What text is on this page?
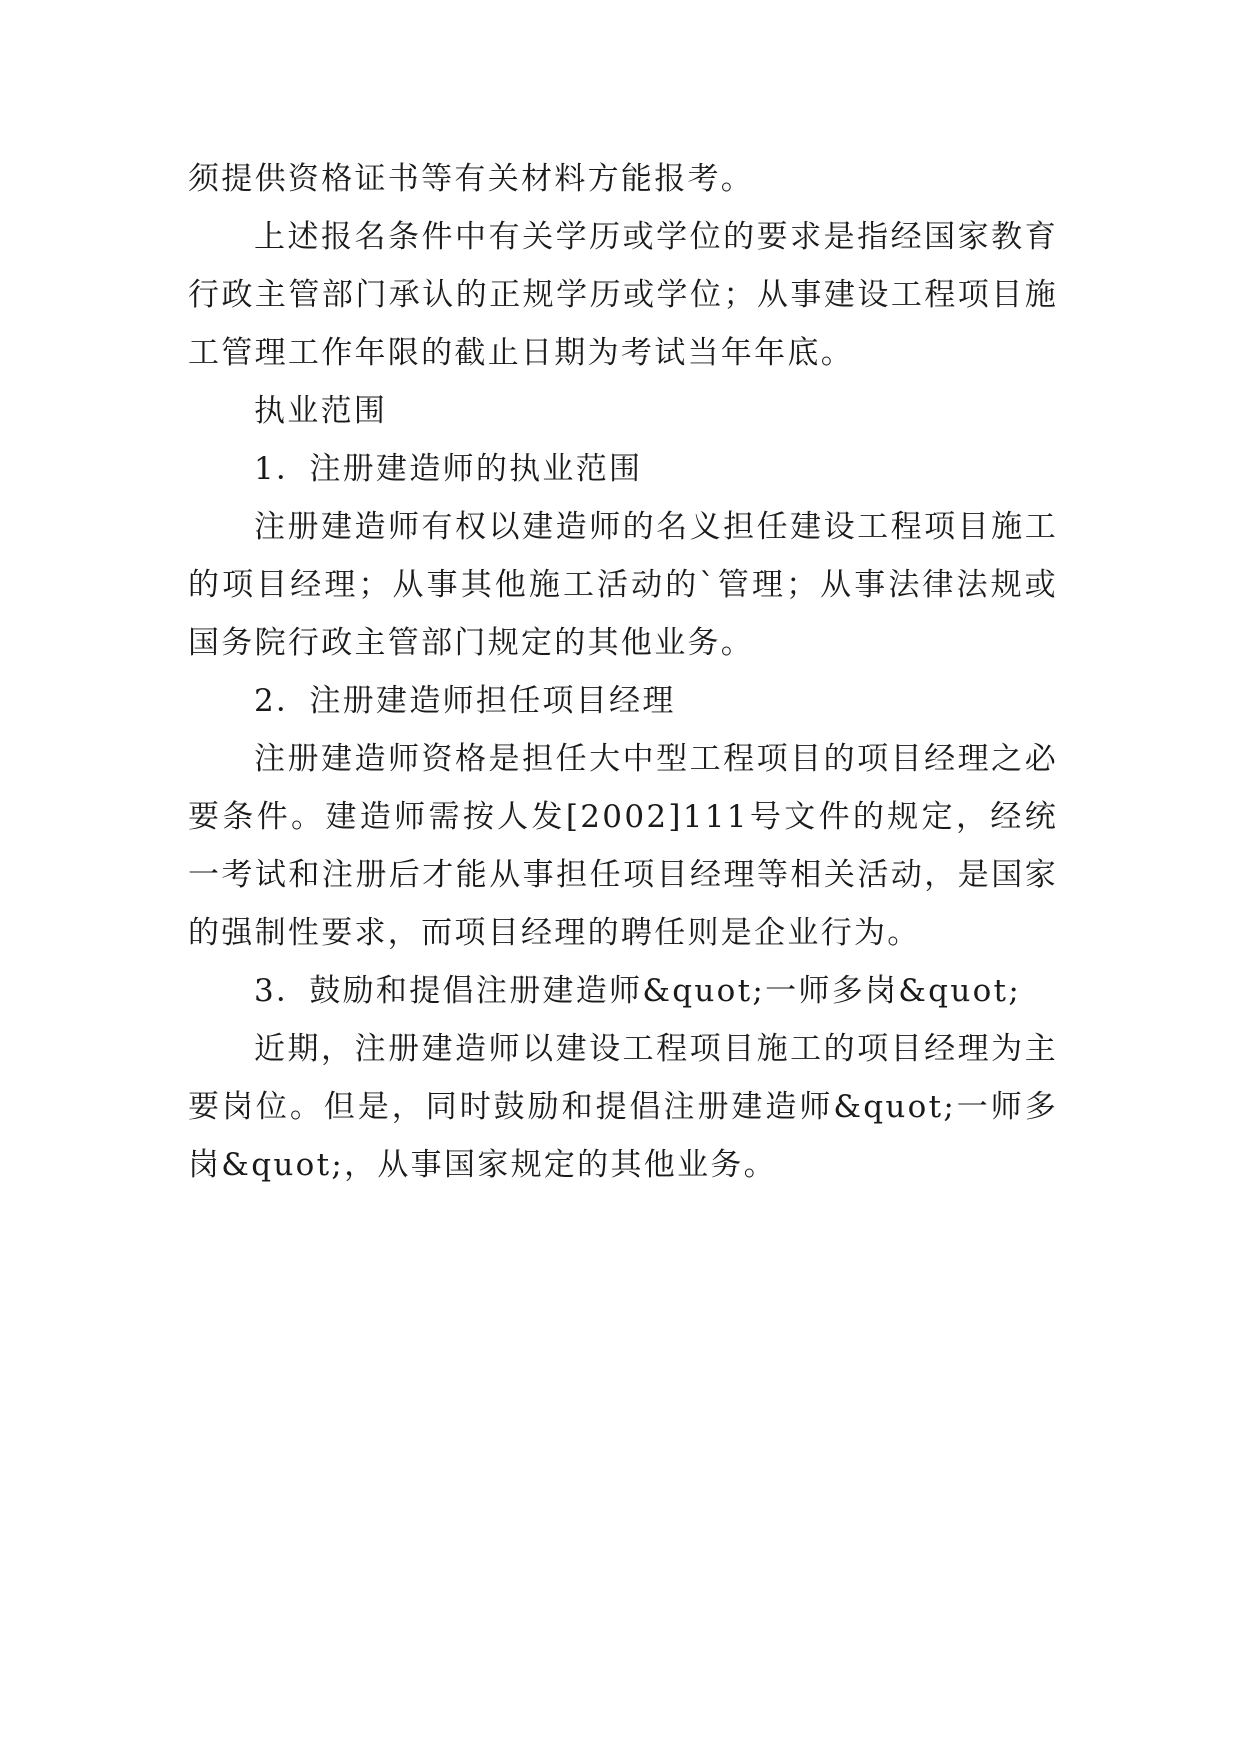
须提供资格证书等有关材料方能报考。

上述报名条件中有关学历或学位的要求是指经国家教育行政主管部门承认的正规学历或学位；从事建设工程项目施工管理工作年限的截止日期为考试当年年底。

执业范围

1．注册建造师的执业范围

注册建造师有权以建造师的名义担任建设工程项目施工的项目经理；从事其他施工活动的`管理；从事法律法规或国务院行政主管部门规定的其他业务。

2．注册建造师担任项目经理

注册建造师资格是担任大中型工程项目的项目经理之必要条件。建造师需按人发[2002]111号文件的规定，经统一考试和注册后才能从事担任项目经理等相关活动，是国家的强制性要求，而项目经理的聘任则是企业行为。

3．鼓励和提倡注册建造师&quot;一师多岗&quot;

近期，注册建造师以建设工程项目施工的项目经理为主要岗位。但是，同时鼓励和提倡注册建造师&quot;一师多岗&quot;，从事国家规定的其他业务。
